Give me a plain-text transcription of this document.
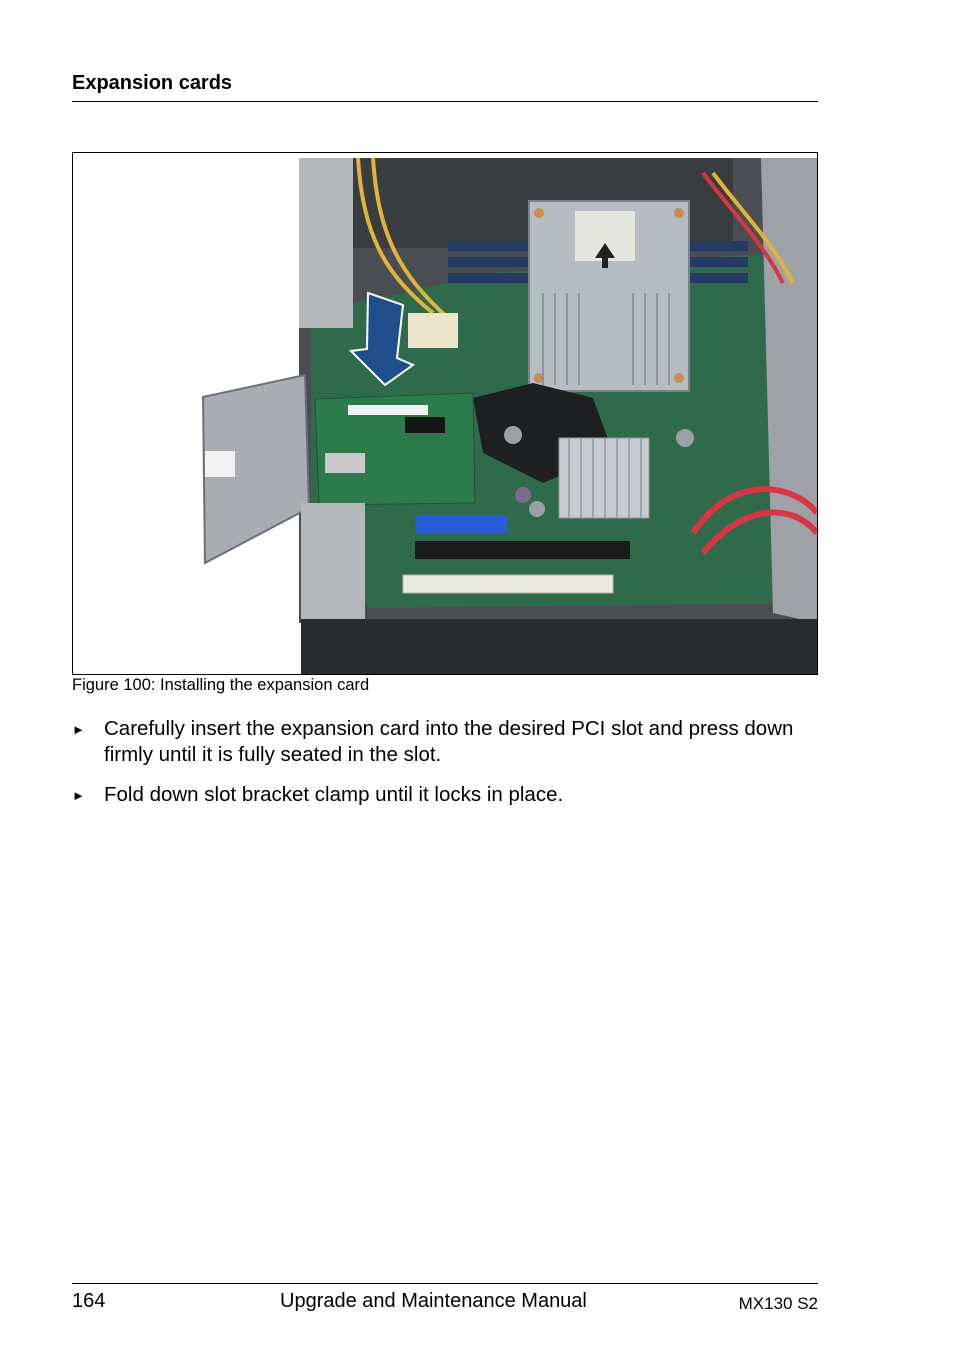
Expansion cards
Figure 100: Installing the expansion card
► Carefully insert the expansion card into the desired PCI slot and press down firmly until it is fully seated in the slot.
► Fold down slot bracket clamp until it locks in place.
164	Upgrade and Maintenance Manual	MX130 S2
